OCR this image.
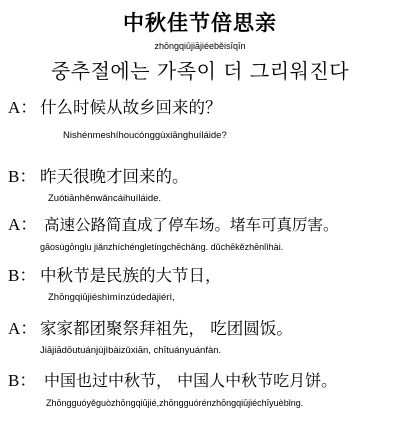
中秋佳节倍思亲
zhōngqiūjiājiéeběisīqīn
중추절에는 가족이 더 그리워진다
A： 什么时候从故乡回来的？
Nishénmeshíhoucónggùxiānghuíláide?
B： 昨天很晚才回来的。
Zuótiānhěnwǎncáihuíláide.
A： 高速公路简直成了停车场。堵车可真厉害。
gāosùgōnglu jiǎnzhíchéngletíngchēchǎng. dǔchēkězhēnlìhài.
B： 中秋节是民族的大节日，
Zhōngqiūjiéshìmínzúdedàjiérì,
A： 家家都团聚祭拜祖先， 吃团圆饭。
Jiājiādōutuánjùjìbàizǔxiān, chītuányuánfàn.
B： 中国也过中秋节， 中国人中秋节吃月饼。
Zhōngguóyěguòzhōngqiūjié,zhōngguórénzhōngqiūjiéchīyuèbǐng.
